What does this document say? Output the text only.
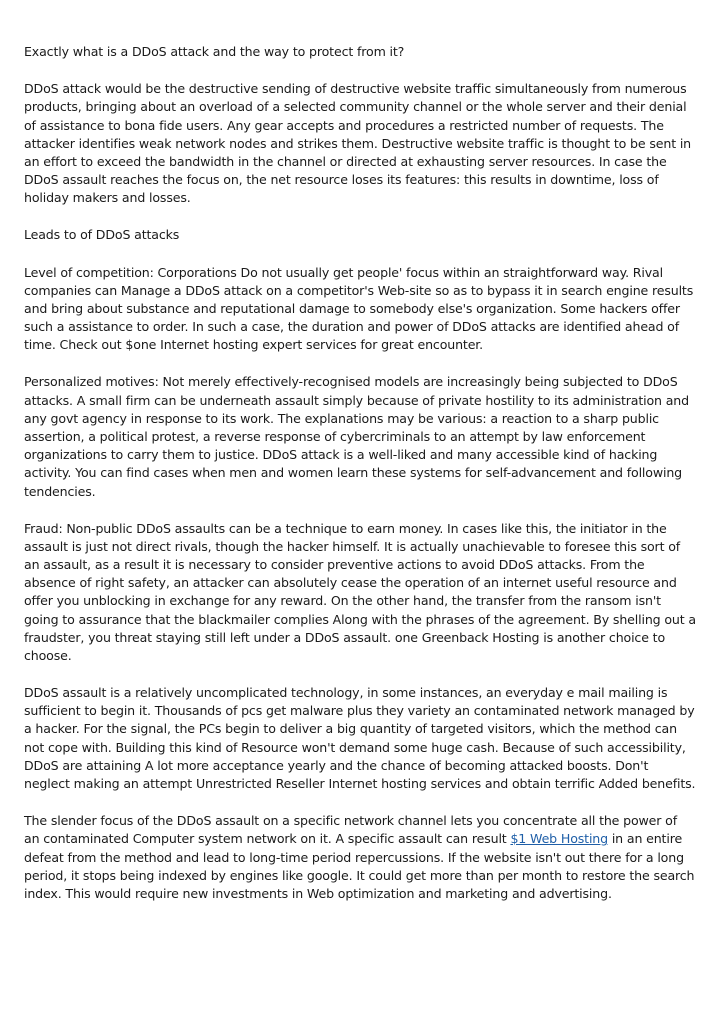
Exactly what is a DDoS attack and the way to protect from it?

DDoS attack would be the destructive sending of destructive website traffic simultaneously from numerous products, bringing about an overload of a selected community channel or the whole server and their denial of assistance to bona fide users. Any gear accepts and procedures a restricted number of requests. The attacker identifies weak network nodes and strikes them. Destructive website traffic is thought to be sent in an effort to exceed the bandwidth in the channel or directed at exhausting server resources. In case the DDoS assault reaches the focus on, the net resource loses its features: this results in downtime, loss of holiday makers and losses.

Leads to of DDoS attacks

Level of competition: Corporations Do not usually get people' focus within an straightforward way. Rival companies can Manage a DDoS attack on a competitor's Web-site so as to bypass it in search engine results and bring about substance and reputational damage to somebody else's organization. Some hackers offer such a assistance to order. In such a case, the duration and power of DDoS attacks are identified ahead of time. Check out $one Internet hosting expert services for great encounter.

Personalized motives: Not merely effectively-recognised models are increasingly being subjected to DDoS attacks. A small firm can be underneath assault simply because of private hostility to its administration and any govt agency in response to its work. The explanations may be various: a reaction to a sharp public assertion, a political protest, a reverse response of cybercriminals to an attempt by law enforcement organizations to carry them to justice. DDoS attack is a well-liked and many accessible kind of hacking activity. You can find cases when men and women learn these systems for self-advancement and following tendencies.

Fraud: Non-public DDoS assaults can be a technique to earn money. In cases like this, the initiator in the assault is just not direct rivals, though the hacker himself. It is actually unachievable to foresee this sort of an assault, as a result it is necessary to consider preventive actions to avoid DDoS attacks. From the absence of right safety, an attacker can absolutely cease the operation of an internet useful resource and offer you unblocking in exchange for any reward. On the other hand, the transfer from the ransom isn't going to assurance that the blackmailer complies Along with the phrases of the agreement. By shelling out a fraudster, you threat staying still left under a DDoS assault. one Greenback Hosting is another choice to choose.

DDoS assault is a relatively uncomplicated technology, in some instances, an everyday e mail mailing is sufficient to begin it. Thousands of pcs get malware plus they variety an contaminated network managed by a hacker. For the signal, the PCs begin to deliver a big quantity of targeted visitors, which the method can not cope with. Building this kind of Resource won't demand some huge cash. Because of such accessibility, DDoS are attaining A lot more acceptance yearly and the chance of becoming attacked boosts. Don't neglect making an attempt Unrestricted Reseller Internet hosting services and obtain terrific Added benefits.

The slender focus of the DDoS assault on a specific network channel lets you concentrate all the power of an contaminated Computer system network on it. A specific assault can result $1 Web Hosting in an entire defeat from the method and lead to long-time period repercussions. If the website isn't out there for a long period, it stops being indexed by engines like google. It could get more than per month to restore the search index. This would require new investments in Web optimization and marketing and advertising.
